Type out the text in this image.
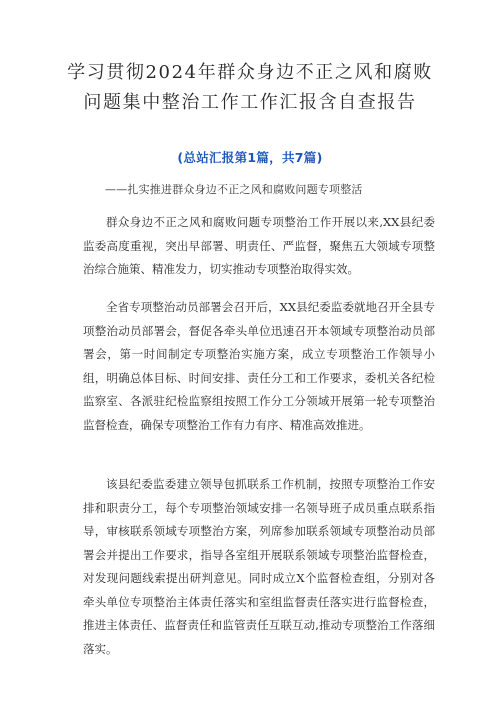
学习贯彻2024年群众身边不正之风和腐败
问题集中整治工作工作汇报含自查报告
(总站汇报第1篇，共7篇)
——扎实推进群众身边不正之风和腐败问题专项整活

群众身边不正之风和腐败问题专项整治工作开展以来,XX县纪委监委高度重视，突出早部署、明责任、严监督，聚焦五大领域专项整治综合施策、精准发力，切实推动专项整治取得实效。

全省专项整治动员部署会召开后，XX县纪委监委就地召开全县专项整治动员部署会，督促各牵头单位迅速召开本领域专项整治动员部署会，第一时间制定专项整治实施方案，成立专项整治工作领导小组，明确总体目标、时间安排、责任分工和工作要求，委机关各纪检监察室、各派驻纪检监察组按照工作分工分领域开展第一轮专项整治监督检查，确保专项整治工作有力有序、精准高效推进。

该县纪委监委建立领导包抓联系工作机制，按照专项整治工作安排和职责分工，每个专项整治领域安排一名领导班子成员重点联系指导，审核联系领域专项整治方案，列席参加联系领域专项整治动员部署会并提出工作要求，指导各室组开展联系领域专项整治监督检查，对发现问题线索提出研判意见。同时成立X个监督检查组，分别对各牵头单位专项整治主体责任落实和室组监督责任落实进行监督检查，推进主体责任、监督责任和监管责任互联互动,推动专项整治工作落细落实。
